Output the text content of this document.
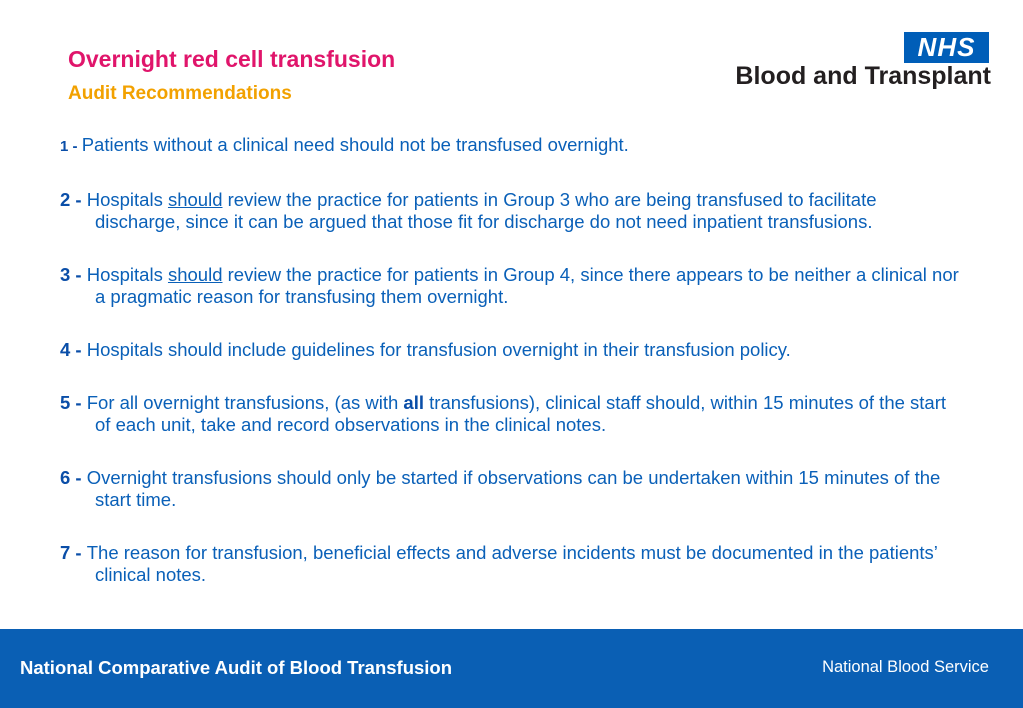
Overnight red cell transfusion
Audit Recommendations
NHS
Blood and Transplant
1 - Patients without a clinical need should not be transfused overnight.
2 - Hospitals should review the practice for patients in Group 3 who are being transfused to facilitate discharge, since it can be argued that those fit for discharge do not need inpatient transfusions.
3 - Hospitals should review the practice for patients in Group 4, since there appears to be neither a clinical nor a pragmatic reason for transfusing them overnight.
4 - Hospitals should include guidelines for transfusion overnight in their transfusion policy.
5 - For all overnight transfusions, (as with all transfusions), clinical staff should, within 15 minutes of the start of each unit, take and record observations in the clinical notes.
6 - Overnight transfusions should only be started if observations can be undertaken within 15 minutes of the start time.
7 - The reason for transfusion, beneficial effects and adverse incidents must be documented in the patients’ clinical notes.
National Comparative Audit of Blood Transfusion	National Blood Service
